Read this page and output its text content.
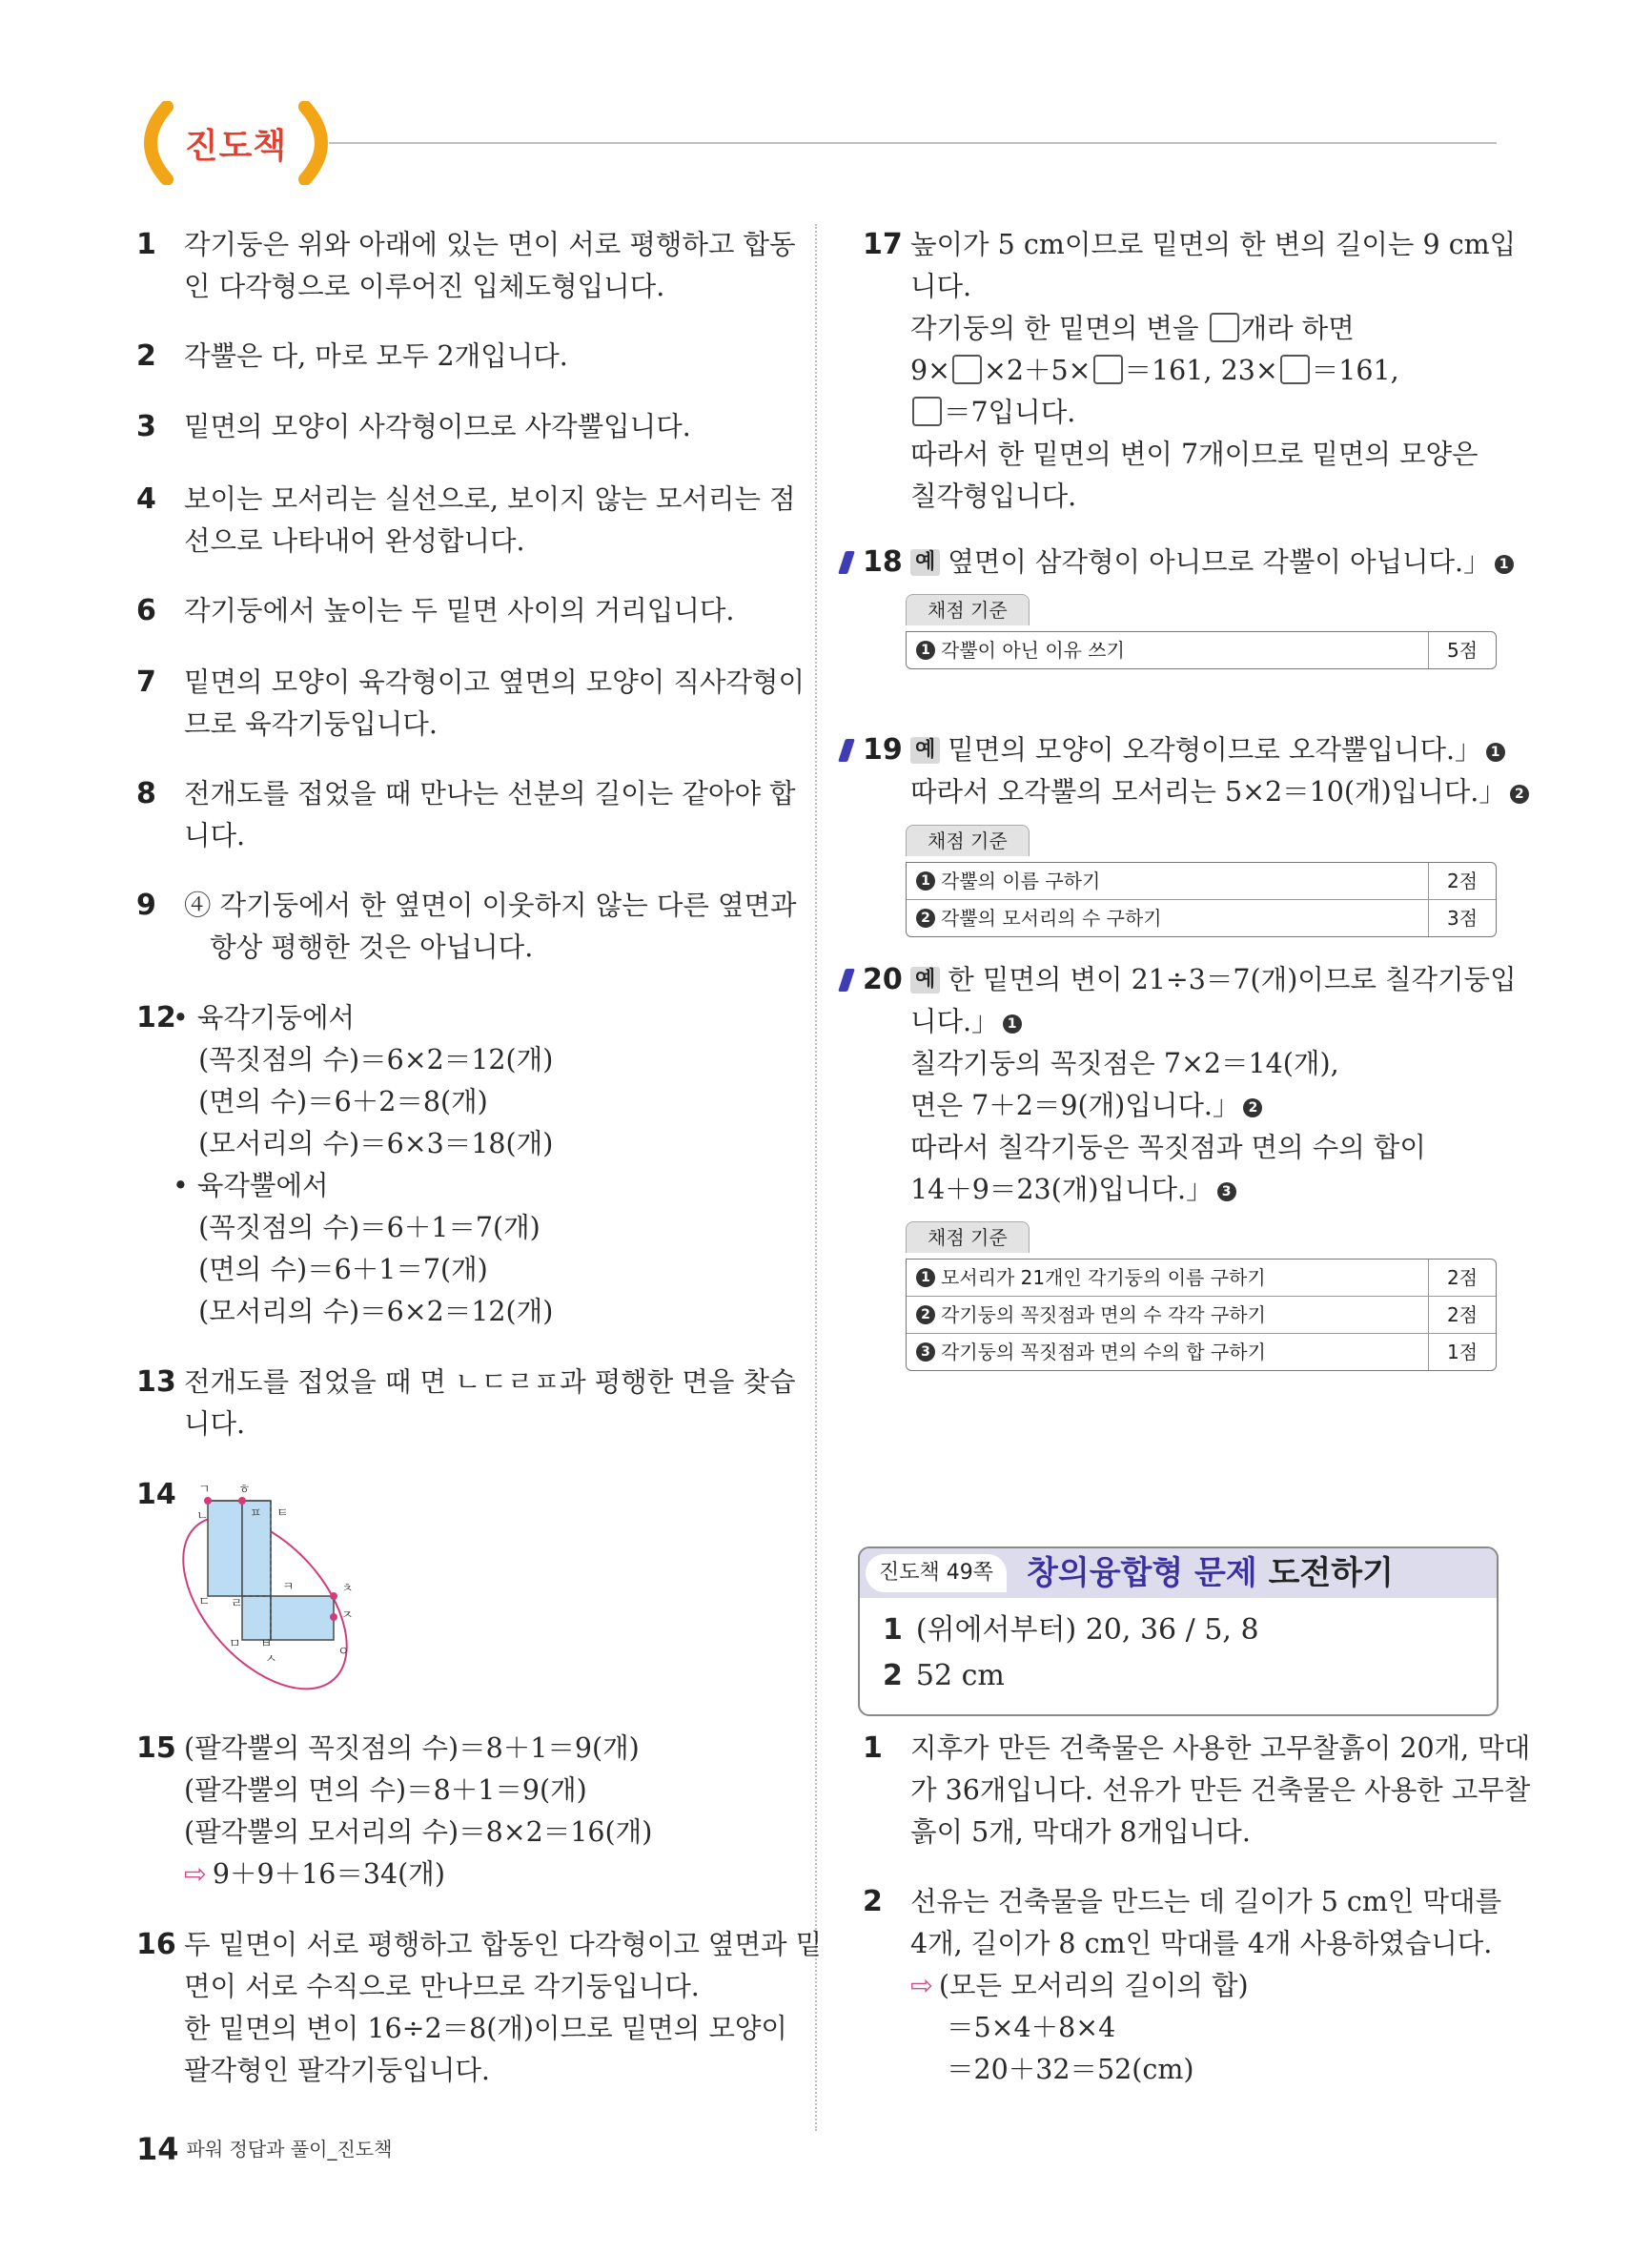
진도책
1 각기둥은 위와 아래에 있는 면이 서로 평행하고 합동
인 다각형으로 이루어진 입체도형입니다.
2 각뿔은 다, 마로 모두 2개입니다.
3 밑면의 모양이 사각형이므로 사각뿔입니다.
4 보이는 모서리는 실선으로, 보이지 않는 모서리는 점
선으로 나타내어 완성합니다.
6 각기둥에서 높이는 두 밑면 사이의 거리입니다.
7 밑면의 모양이 육각형이고 옆면의 모양이 직사각형이
므로 육각기둥입니다.
8 전개도를 접었을 때 만나는 선분의 길이는 같아야 합
니다.
9 ④ 각기둥에서 한 옆면이 이웃하지 않는 다른 옆면과
항상 평행한 것은 아닙니다.
12
• 육각기둥에서
(꼭짓점의 수)＝6×2＝12(개)
(면의 수)＝6＋2＝8(개)
(모서리의 수)＝6×3＝18(개)
• 육각뿔에서
(꼭짓점의 수)＝6＋1＝7(개)
(면의 수)＝6＋1＝7(개)
(모서리의 수)＝6×2＝12(개)
13 전개도를 접었을 때 면 ㄴㄷㄹㅍ과 평행한 면을 찾습
니다.
14
15 (팔각뿔의 꼭짓점의 수)＝8＋1＝9(개)
(팔각뿔의 면의 수)＝8＋1＝9(개)
(팔각뿔의 모서리의 수)＝8×2＝16(개)
⇨ 9＋9＋16＝34(개)
16 두 밑면이 서로 평행하고 합동인 다각형이고 옆면과 밑
면이 서로 수직으로 만나므로 각기둥입니다.
한 밑면의 변이 16÷2＝8(개)이므로 밑면의 모양이
팔각형인 팔각기둥입니다.
ㄱ ㅎ
ㄴ	ㅍ ㅌ
ㅋ	ㅊ
ㄷ ㄹ
ㅈ
ㅁ ㅂ
ㅅ
ㅇ
17 높이가 5 cm이므로 밑면의 한 변의 길이는 9 cm입
니다.
각기둥의 한 밑면의 변을 개라 하면
9× ×2＋5× ＝161, 23× ＝161,
＝7입니다.
따라서 한 밑면의 변이 7개이므로 밑면의 모양은
칠각형입니다.
18 예 옆면이 삼각형이 아니므로 각뿔이 아닙니다.」 1
채점 기준
1 각뿔이 아닌 이유 쓰기	5점
19 예 밑면의 모양이 오각형이므로 오각뿔입니다.」 1
따라서 오각뿔의 모서리는 5×2＝10(개)입니다.」 2
채점 기준
1 각뿔의 이름 구하기	2점
2 각뿔의 모서리의 수 구하기	3점
20 예 한 밑면의 변이 21÷3＝7(개)이므로 칠각기둥입
니다.」 1
칠각기둥의 꼭짓점은 7×2＝14(개),
면은 7＋2＝9(개)입니다.」 2
따라서 칠각기둥은 꼭짓점과 면의 수의 합이
14＋9＝23(개)입니다.」 3
채점 기준
1 모서리가 21개인 각기둥의 이름 구하기	2점
2 각기둥의 꼭짓점과 면의 수 각각 구하기	2점
3 각기둥의 꼭짓점과 면의 수의 합 구하기	1점
1 지후가 만든 건축물은 사용한 고무찰흙이 20개, 막대
가 36개입니다. 선유가 만든 건축물은 사용한 고무찰
흙이 5개, 막대가 8개입니다.
2 선유는 건축물을 만드는 데 길이가 5 cm인 막대를
4개, 길이가 8 cm인 막대를 4개 사용하였습니다.
⇨ (모든 모서리의 길이의 합)
＝5×4＋8×4
＝20＋32＝52(cm)
진도책 49쪽	창의융합형 문제 도전하기
1 (위에서부터) 20, 36 / 5, 8
2 52 cm
14 파워 정답과 풀이_진도책
